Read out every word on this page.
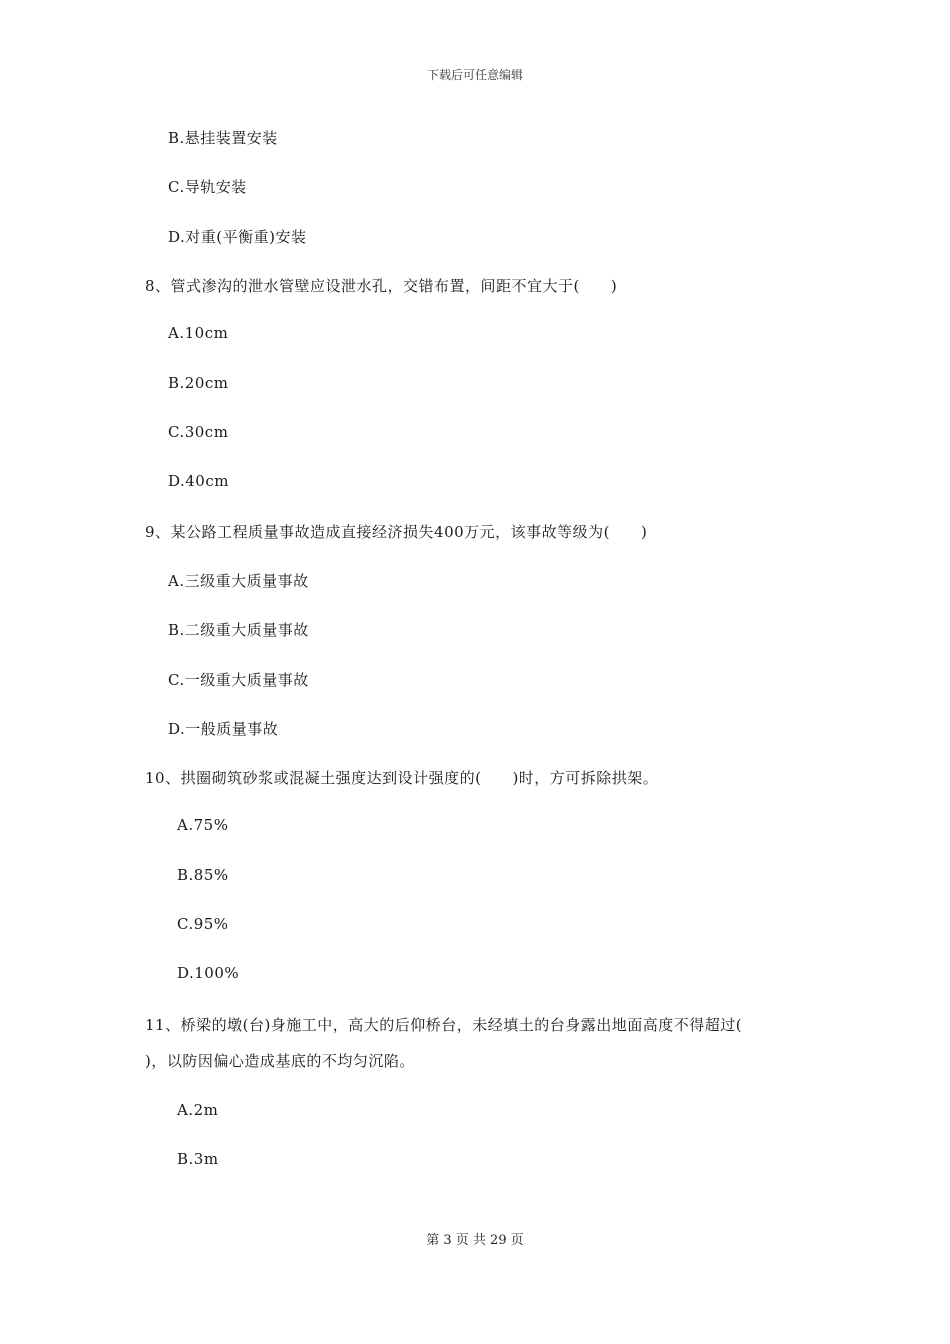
下载后可任意编辑
B.悬挂装置安装
C.导轨安装
D.对重(平衡重)安装
8、管式渗沟的泄水管壁应设泄水孔，交错布置，间距不宜大于(　　)
A.10cm
B.20cm
C.30cm
D.40cm
9、某公路工程质量事故造成直接经济损失400万元，该事故等级为(　　)
A.三级重大质量事故
B.二级重大质量事故
C.一级重大质量事故
D.一般质量事故
10、拱圈砌筑砂浆或混凝土强度达到设计强度的(　　)时，方可拆除拱架。
A.75%
B.85%
C.95%
D.100%
11、桥梁的墩(台)身施工中，高大的后仰桥台，未经填土的台身露出地面高度不得超过(
)，以防因偏心造成基底的不均匀沉陷。
A.2m
B.3m
第 3 页 共 29 页
